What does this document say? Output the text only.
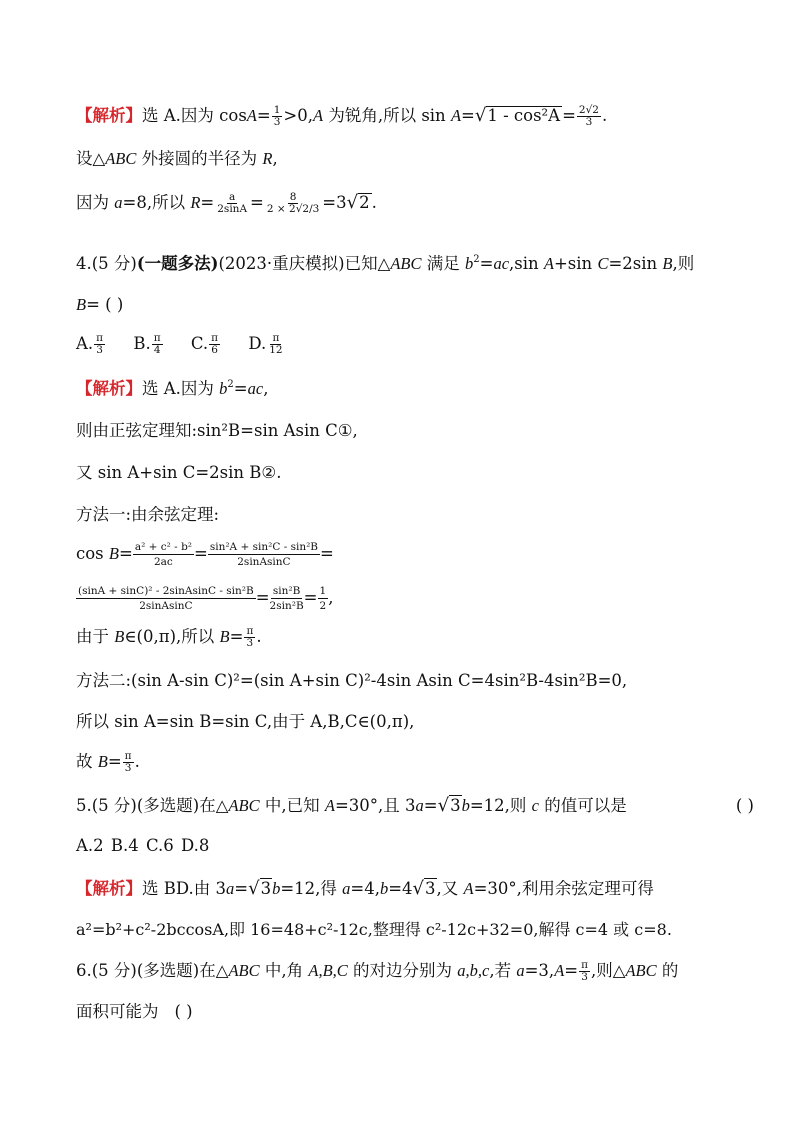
【解析】选 A.因为 $\cos A= \frac{1}{3} >0,A$ 为锐角,所以 $\sin A=√1 - \cos^2A = \frac{2√2}{3}$ .
设△ABC 外接圆的半径为 R,
因为 a=8,所以 $R= \frac{a}{2\sin A} = \frac{8}{2 \times 2√2/3} =3√2$ .
4.(5 分)(一题多法)(2023·重庆模拟)已知△ABC 满足 $b^2=ac,\sin$ A+sin C=2sin B,则
B= ( )
A. $\frac{\pi}{3} B$. $\frac{\pi}{4} C$. $\frac{\pi}{6} D$. $\frac{\pi}{12}$
【解析】选 A.因为 $b^2=ac$,
则由正弦定理知:sin²B=sin Asin C①,
又 sin A+sin C=2sin B②.
方法一:由余弦定理:
$\cos B= \frac{\text{a² + c² - b²}}{2ac} = \frac{\text{sin²A + sin²C - sin²B}}{\text{2sinAsinC}}$ =
$\frac{\text{(sinA + sinC)² - 2sinAsinC - sin²B}}{\text{2sinAsinC}} = \frac{\text{sin²B}}{\text{2sin²B}} = \frac{1}{2}$ ,
由于 B∈(0,π),所以 $B= \frac{\pi}{3}$ .
方法二:(sin A-sin C)²=(sin A+sin C)²-4sin Asin C=4sin²B-4sin²B=0,
所以 sin A=sin B=sin C,由于 A,B,C∈(0,π),
故 $B= \frac{\pi}{3}$ .
5.(5 分)(多选题)在△ABC 中,已知 A=30°,且 3a=√3b=12,则 c 的值可以是	( )
A.2 B.4 C.6 D.8
【解析】选 BD.由 3a=√3b=12,得 a=4,b=4√3,又 A=30°,利用余弦定理可得
a²=b²+c²-2bccosA,即 16=48+c²-12c,整理得 c²-12c+32=0,解得 c=4 或 c=8.
6.(5 分)(多选题)在△ABC 中,角 A,B,C 的对边分别为 a,b,c,若 $a=3,A= \frac{\pi}{3}$ ,则△ABC 的
面积可能为 ( )
